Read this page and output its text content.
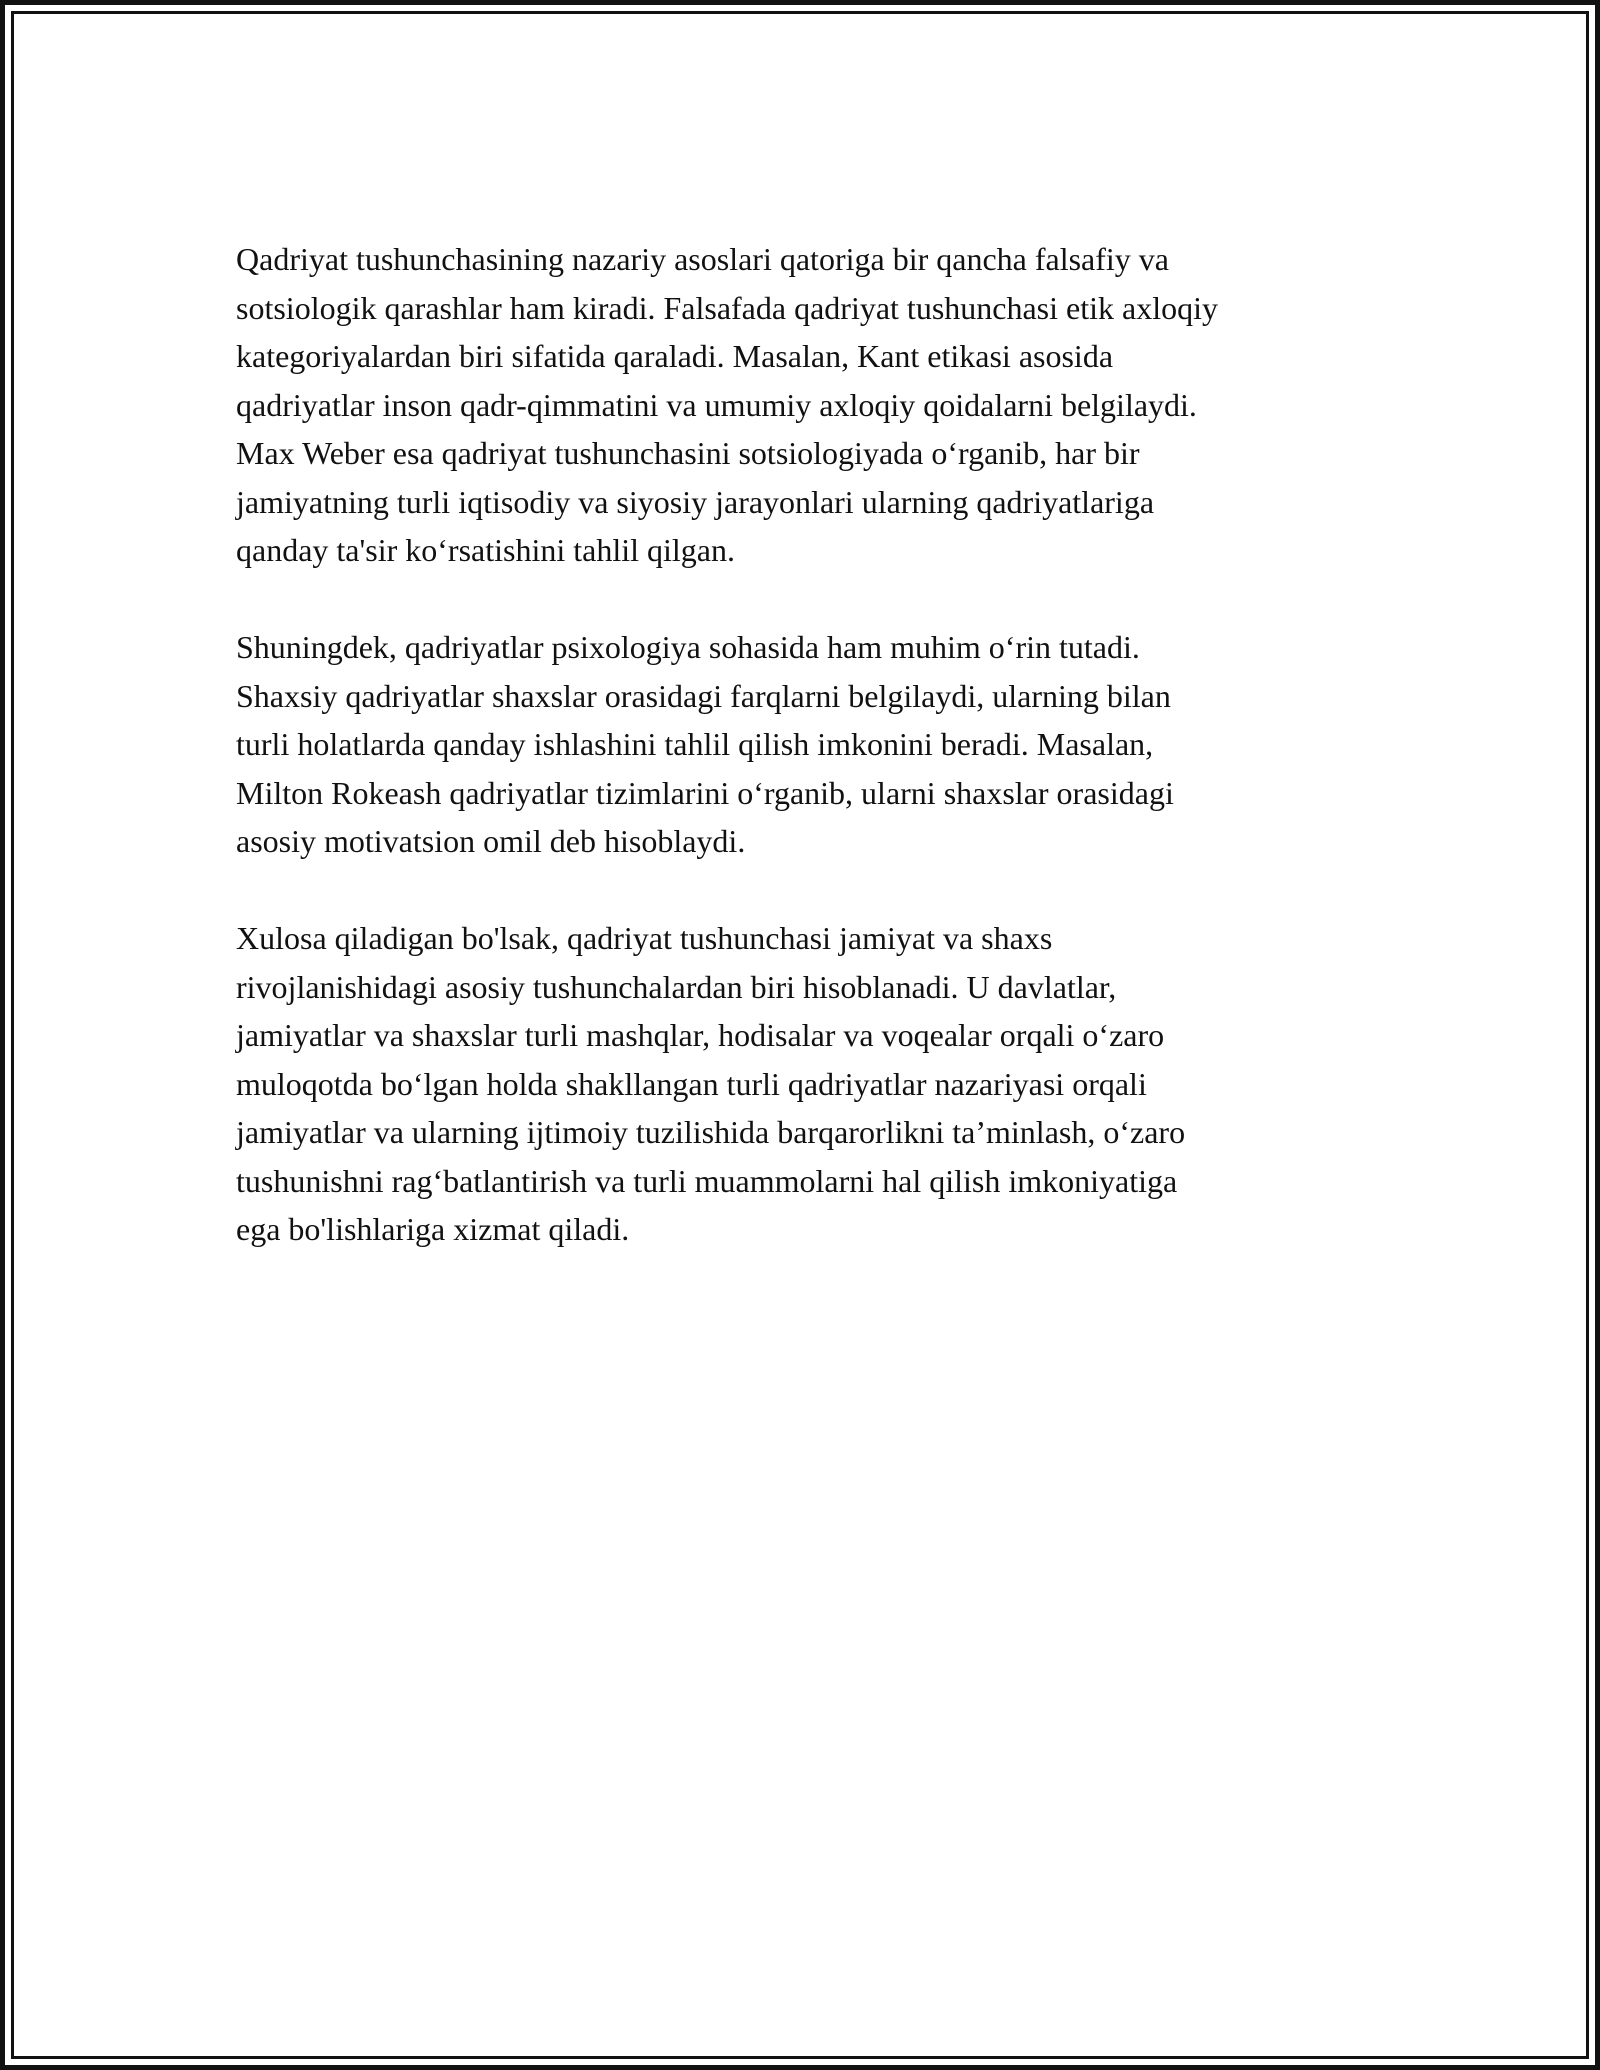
Qadriyat tushunchasining nazariy asoslari qatoriga bir qancha falsafiy va
sotsiologik qarashlar ham kiradi. Falsafada qadriyat tushunchasi etik axloqiy
kategoriyalardan biri sifatida qaraladi. Masalan, Kant etikasi asosida
qadriyatlar inson qadr-qimmatini va umumiy axloqiy qoidalarni belgilaydi.
Max Weber esa qadriyat tushunchasini sotsiologiyada o‘rganib, har bir
jamiyatning turli iqtisodiy va siyosiy jarayonlari ularning qadriyatlariga
qanday ta'sir ko‘rsatishini tahlil qilgan.

Shuningdek, qadriyatlar psixologiya sohasida ham muhim o‘rin tutadi.
Shaxsiy qadriyatlar shaxslar orasidagi farqlarni belgilaydi, ularning bilan
turli holatlarda qanday ishlashini tahlil qilish imkonini beradi. Masalan,
Milton Rokeash qadriyatlar tizimlarini o‘rganib, ularni shaxslar orasidagi
asosiy motivatsion omil deb hisoblaydi.

Xulosa qiladigan bo'lsak, qadriyat tushunchasi jamiyat va shaxs
rivojlanishidagi asosiy tushunchalardan biri hisoblanadi. U davlatlar,
jamiyatlar va shaxslar turli mashqlar, hodisalar va voqealar orqali o‘zaro
muloqotda bo‘lgan holda shakllangan turli qadriyatlar nazariyasi orqali
jamiyatlar va ularning ijtimoiy tuzilishida barqarorlikni ta’minlash, o‘zaro
tushunishni rag‘batlantirish va turli muammolarni hal qilish imkoniyatiga
ega bo'lishlariga xizmat qiladi.
